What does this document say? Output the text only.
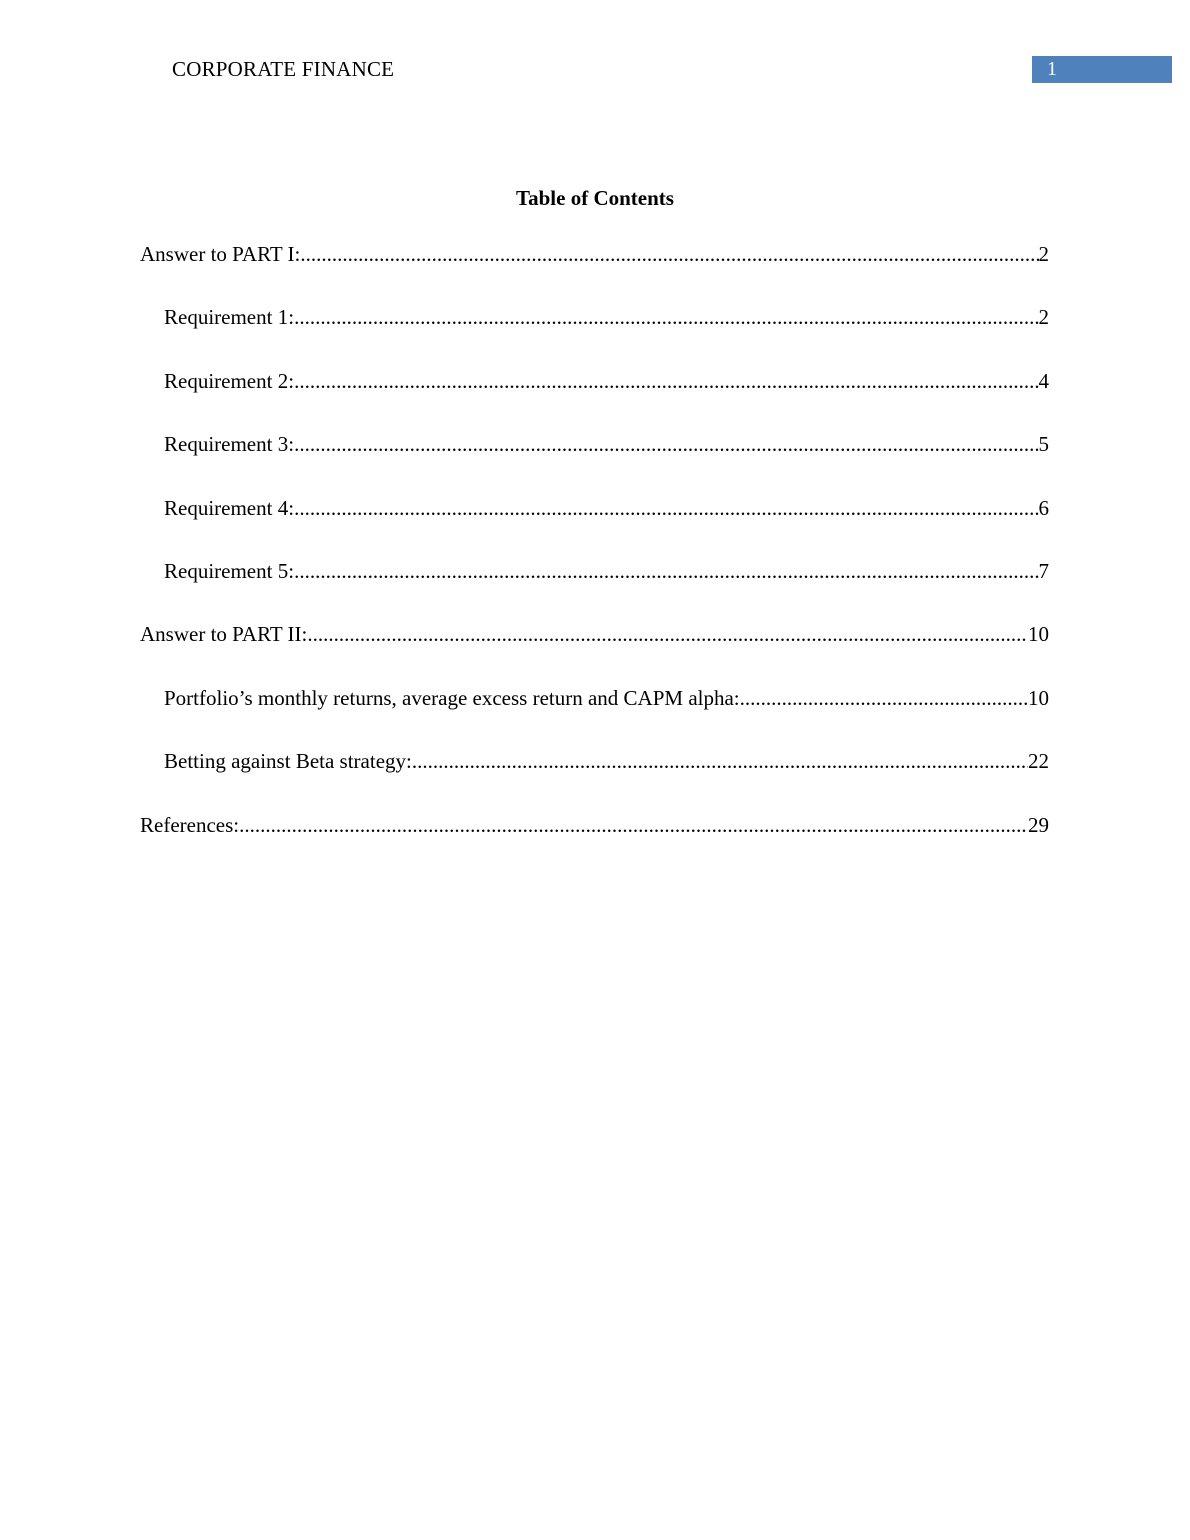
CORPORATE FINANCE	1
Table of Contents
Answer to PART I: .....	2
Requirement 1: .....	2
Requirement 2: .....	4
Requirement 3: .....	5
Requirement 4: .....	6
Requirement 5: .....	7
Answer to PART II: .....	10
Portfolio’s monthly returns, average excess return and CAPM alpha: .....	10
Betting against Beta strategy: .....	22
References: .....	29
